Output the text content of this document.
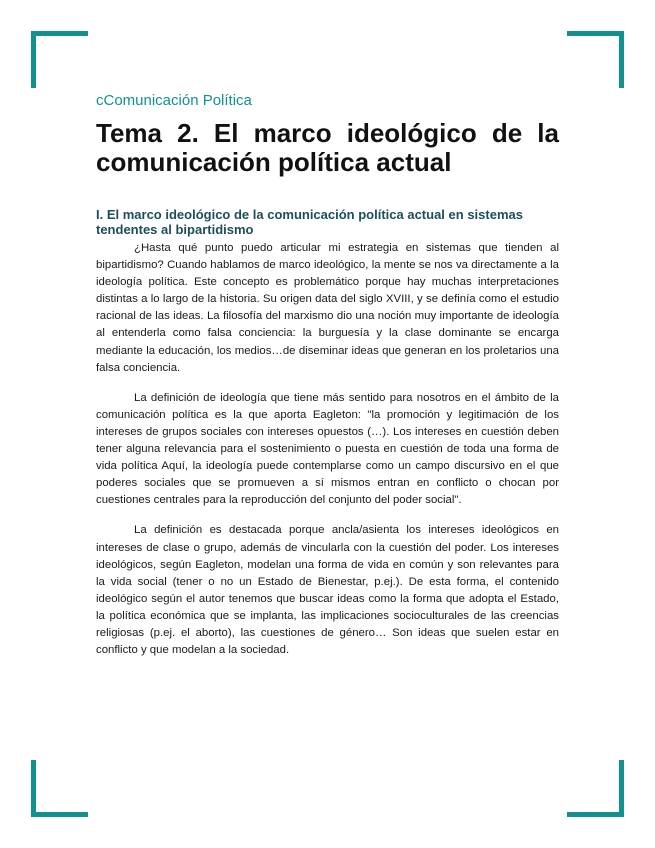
cComunicación Política
Tema 2. El marco ideológico de la comunicación política actual
I. El marco ideológico de la comunicación política actual en sistemas tendentes al bipartidismo

¿Hasta qué punto puedo articular mi estrategia en sistemas que tienden al bipartidismo? Cuando hablamos de marco ideológico, la mente se nos va directamente a la ideología política. Este concepto es problemático porque hay muchas interpretaciones distintas a lo largo de la historia. Su origen data del siglo XVIII, y se definía como el estudio racional de las ideas. La filosofía del marxismo dio una noción muy importante de ideología al entenderla como falsa conciencia: la burguesía y la clase dominante se encarga mediante la educación, los medios…de diseminar ideas que generan en los proletarios una falsa conciencia.

La definición de ideología que tiene más sentido para nosotros en el ámbito de la comunicación política es la que aporta Eagleton: "la promoción y legitimación de los intereses de grupos sociales con intereses opuestos (…). Los intereses en cuestión deben tener alguna relevancia para el sostenimiento o puesta en cuestión de toda una forma de vida política Aquí, la ideología puede contemplarse como un campo discursivo en el que poderes sociales que se promueven a sí mismos entran en conflicto o chocan por cuestiones centrales para la reproducción del conjunto del poder social".

La definición es destacada porque ancla/asienta los intereses ideológicos en intereses de clase o grupo, además de vincularla con la cuestión del poder. Los intereses ideológicos, según Eagleton, modelan una forma de vida en común y son relevantes para la vida social (tener o no un Estado de Bienestar, p.ej.). De esta forma, el contenido ideológico según el autor tenemos que buscar ideas como la forma que adopta el Estado, la política económica que se implanta, las implicaciones socioculturales de las creencias religiosas (p.ej. el aborto), las cuestiones de género… Son ideas que suelen estar en conflicto y que modelan a la sociedad.
